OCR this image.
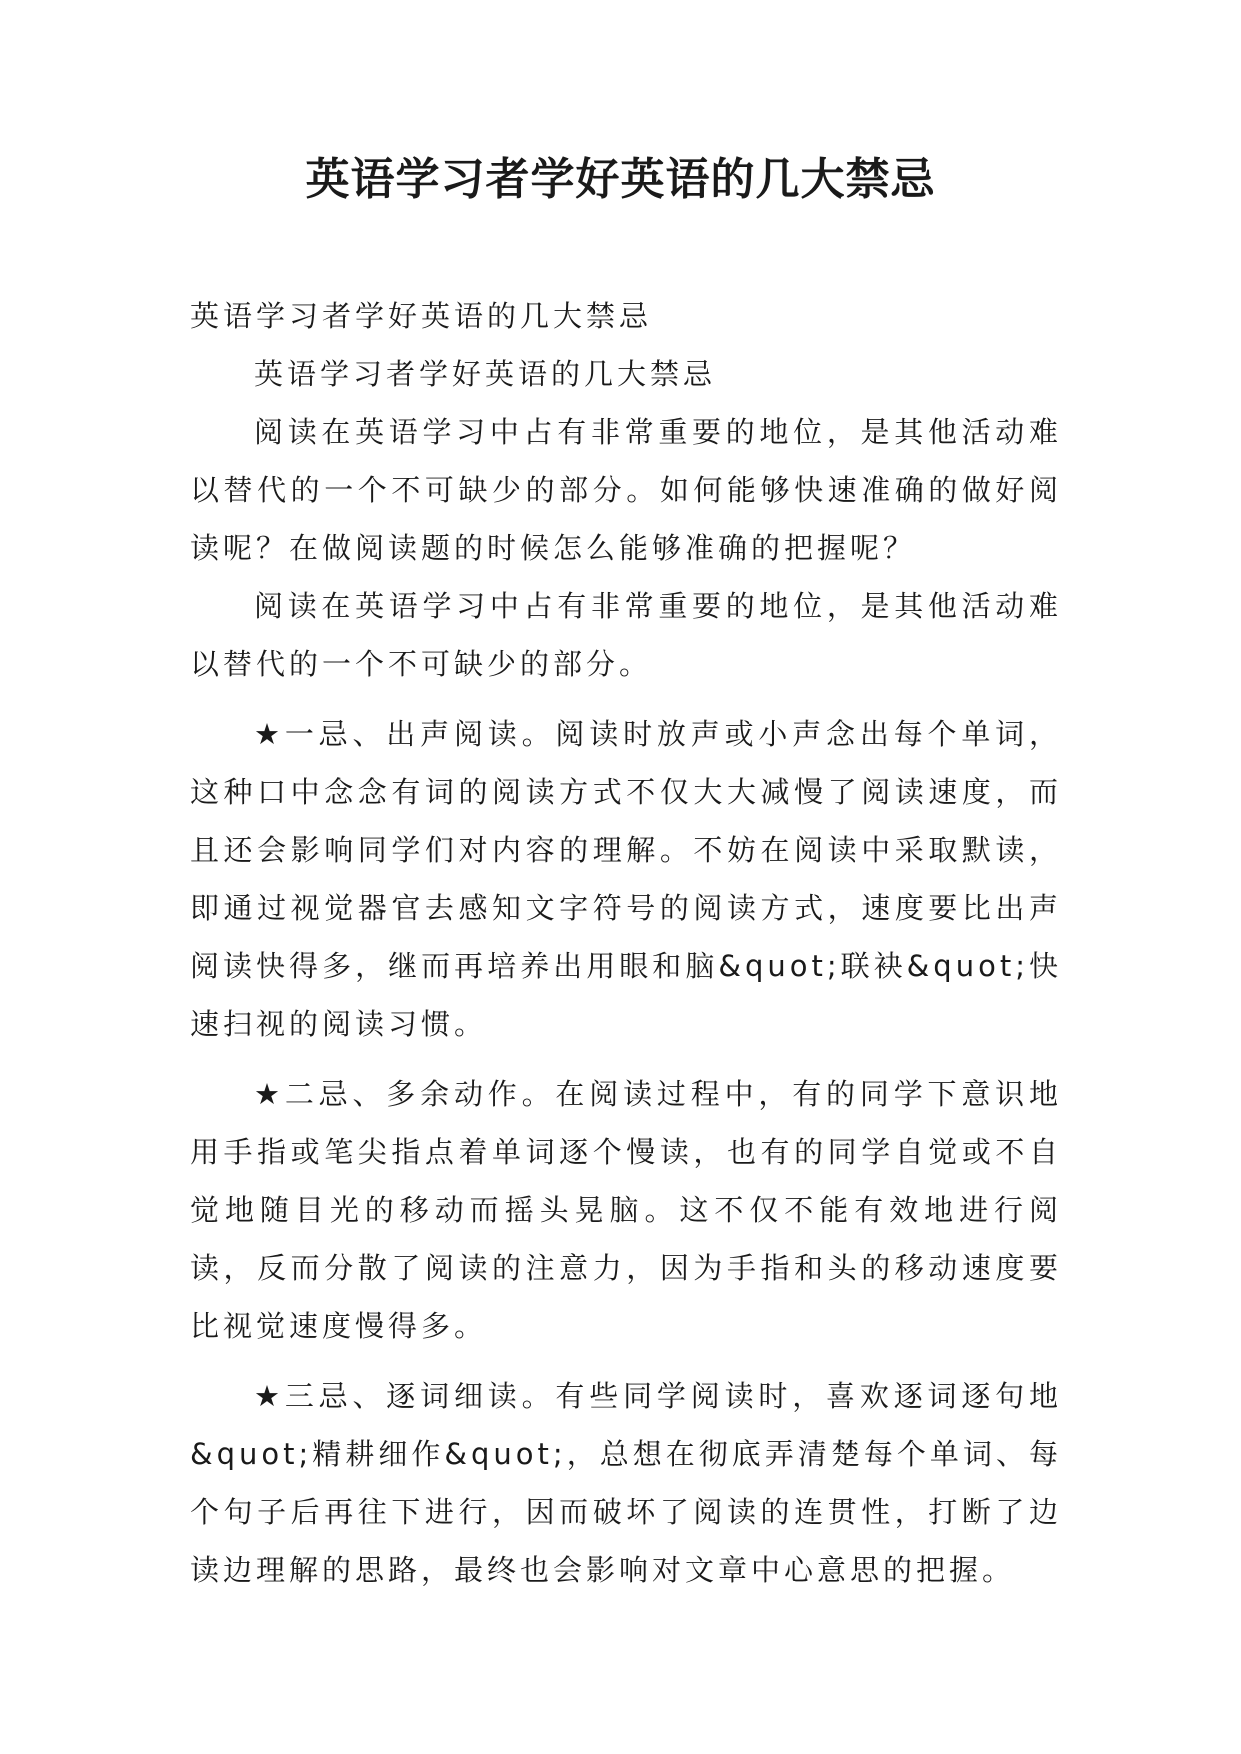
英语学习者学好英语的几大禁忌

英语学习者学好英语的几大禁忌

英语学习者学好英语的几大禁忌

阅读在英语学习中占有非常重要的地位，是其他活动难以替代的一个不可缺少的部分。如何能够快速准确的做好阅读呢？在做阅读题的时候怎么能够准确的把握呢？

阅读在英语学习中占有非常重要的地位，是其他活动难以替代的一个不可缺少的部分。

★一忌、出声阅读。阅读时放声或小声念出每个单词，这种口中念念有词的阅读方式不仅大大减慢了阅读速度，而且还会影响同学们对内容的理解。不妨在阅读中采取默读，即通过视觉器官去感知文字符号的阅读方式，速度要比出声阅读快得多，继而再培养出用眼和脑&quot;联袂&quot;快速扫视的阅读习惯。

★二忌、多余动作。在阅读过程中，有的同学下意识地用手指或笔尖指点着单词逐个慢读，也有的同学自觉或不自觉地随目光的移动而摇头晃脑。这不仅不能有效地进行阅读，反而分散了阅读的注意力，因为手指和头的移动速度要比视觉速度慢得多。

★三忌、逐词细读。有些同学阅读时，喜欢逐词逐句地&quot;精耕细作&quot;，总想在彻底弄清楚每个单词、每个句子后再往下进行，因而破坏了阅读的连贯性，打断了边读边理解的思路，最终也会影响对文章中心意思的把握。
